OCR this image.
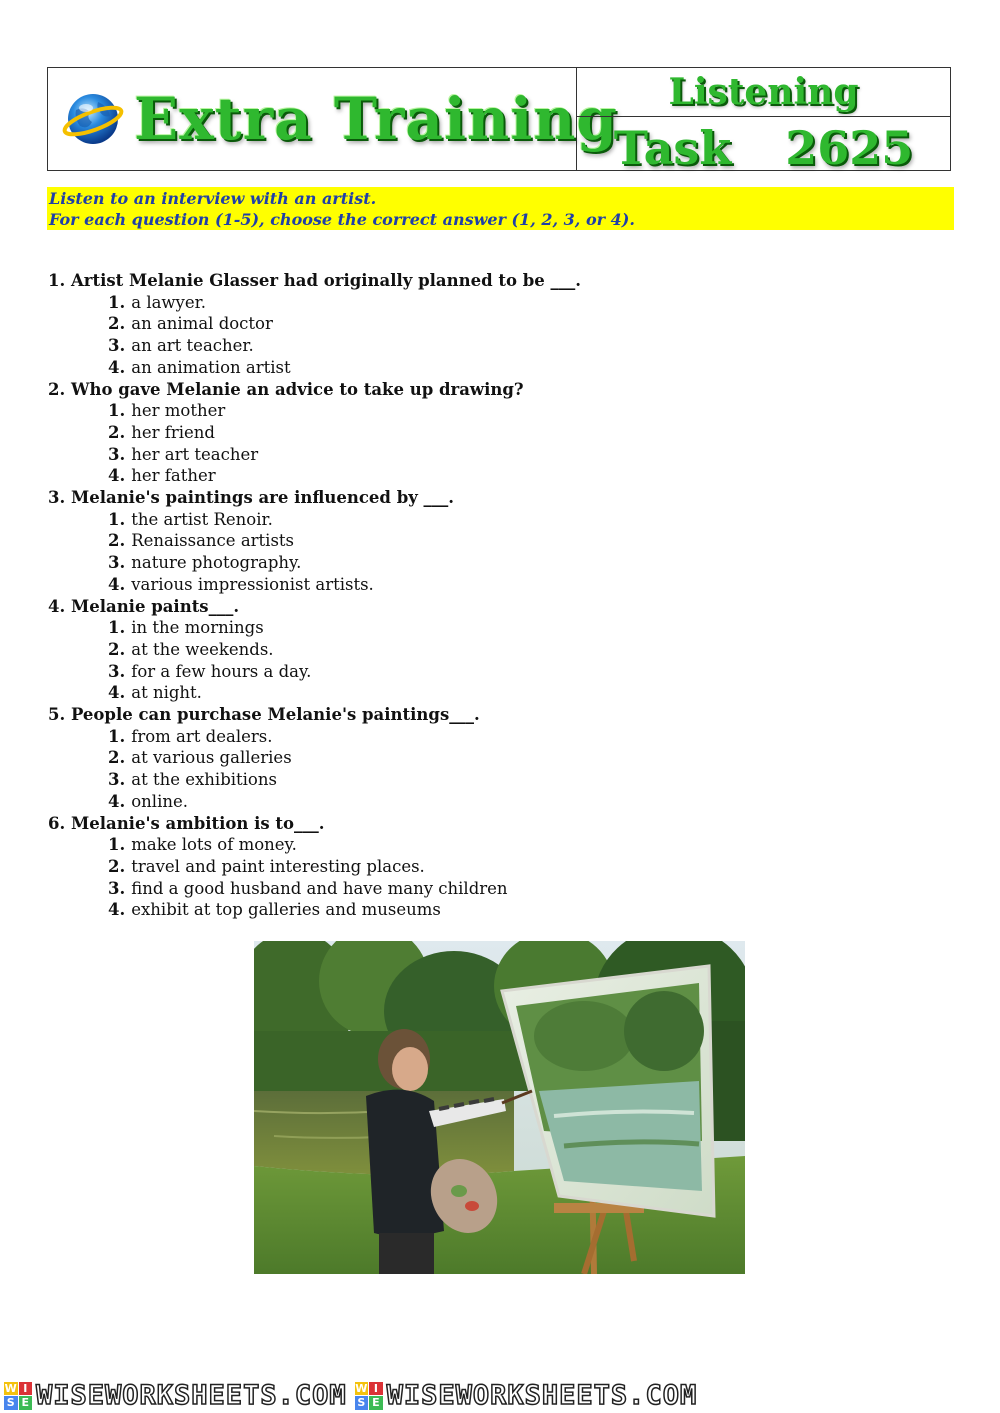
Extra Training Listening
Task 2625
Listen to an interview with an artist.
For each question (1-5), choose the correct answer (1, 2, 3, or 4).
1. Artist Melanie Glasser had originally planned to be ___.
1. a lawyer.
2. an animal doctor
3. an art teacher.
4. an animation artist
2. Who gave Melanie an advice to take up drawing?
1. her mother
2. her friend
3. her art teacher
4. her father
3. Melanie's paintings are influenced by ___.
1. the artist Renoir.
2. Renaissance artists
3. nature photography.
4. various impressionist artists.
4. Melanie paints___.
1. in the mornings
2. at the weekends.
3. for a few hours a day.
4. at night.
5. People can purchase Melanie's paintings___.
1. from art dealers.
2. at various galleries
3. at the exhibitions
4. online.
6. Melanie's ambition is to___.
1. make lots of money.
2. travel and paint interesting places.
3. find a good husband and have many children
4. exhibit at top galleries and museums
W I
S E WISEWORKSHEETS.COM W I
S E WISEWORKSHEETS.COM
